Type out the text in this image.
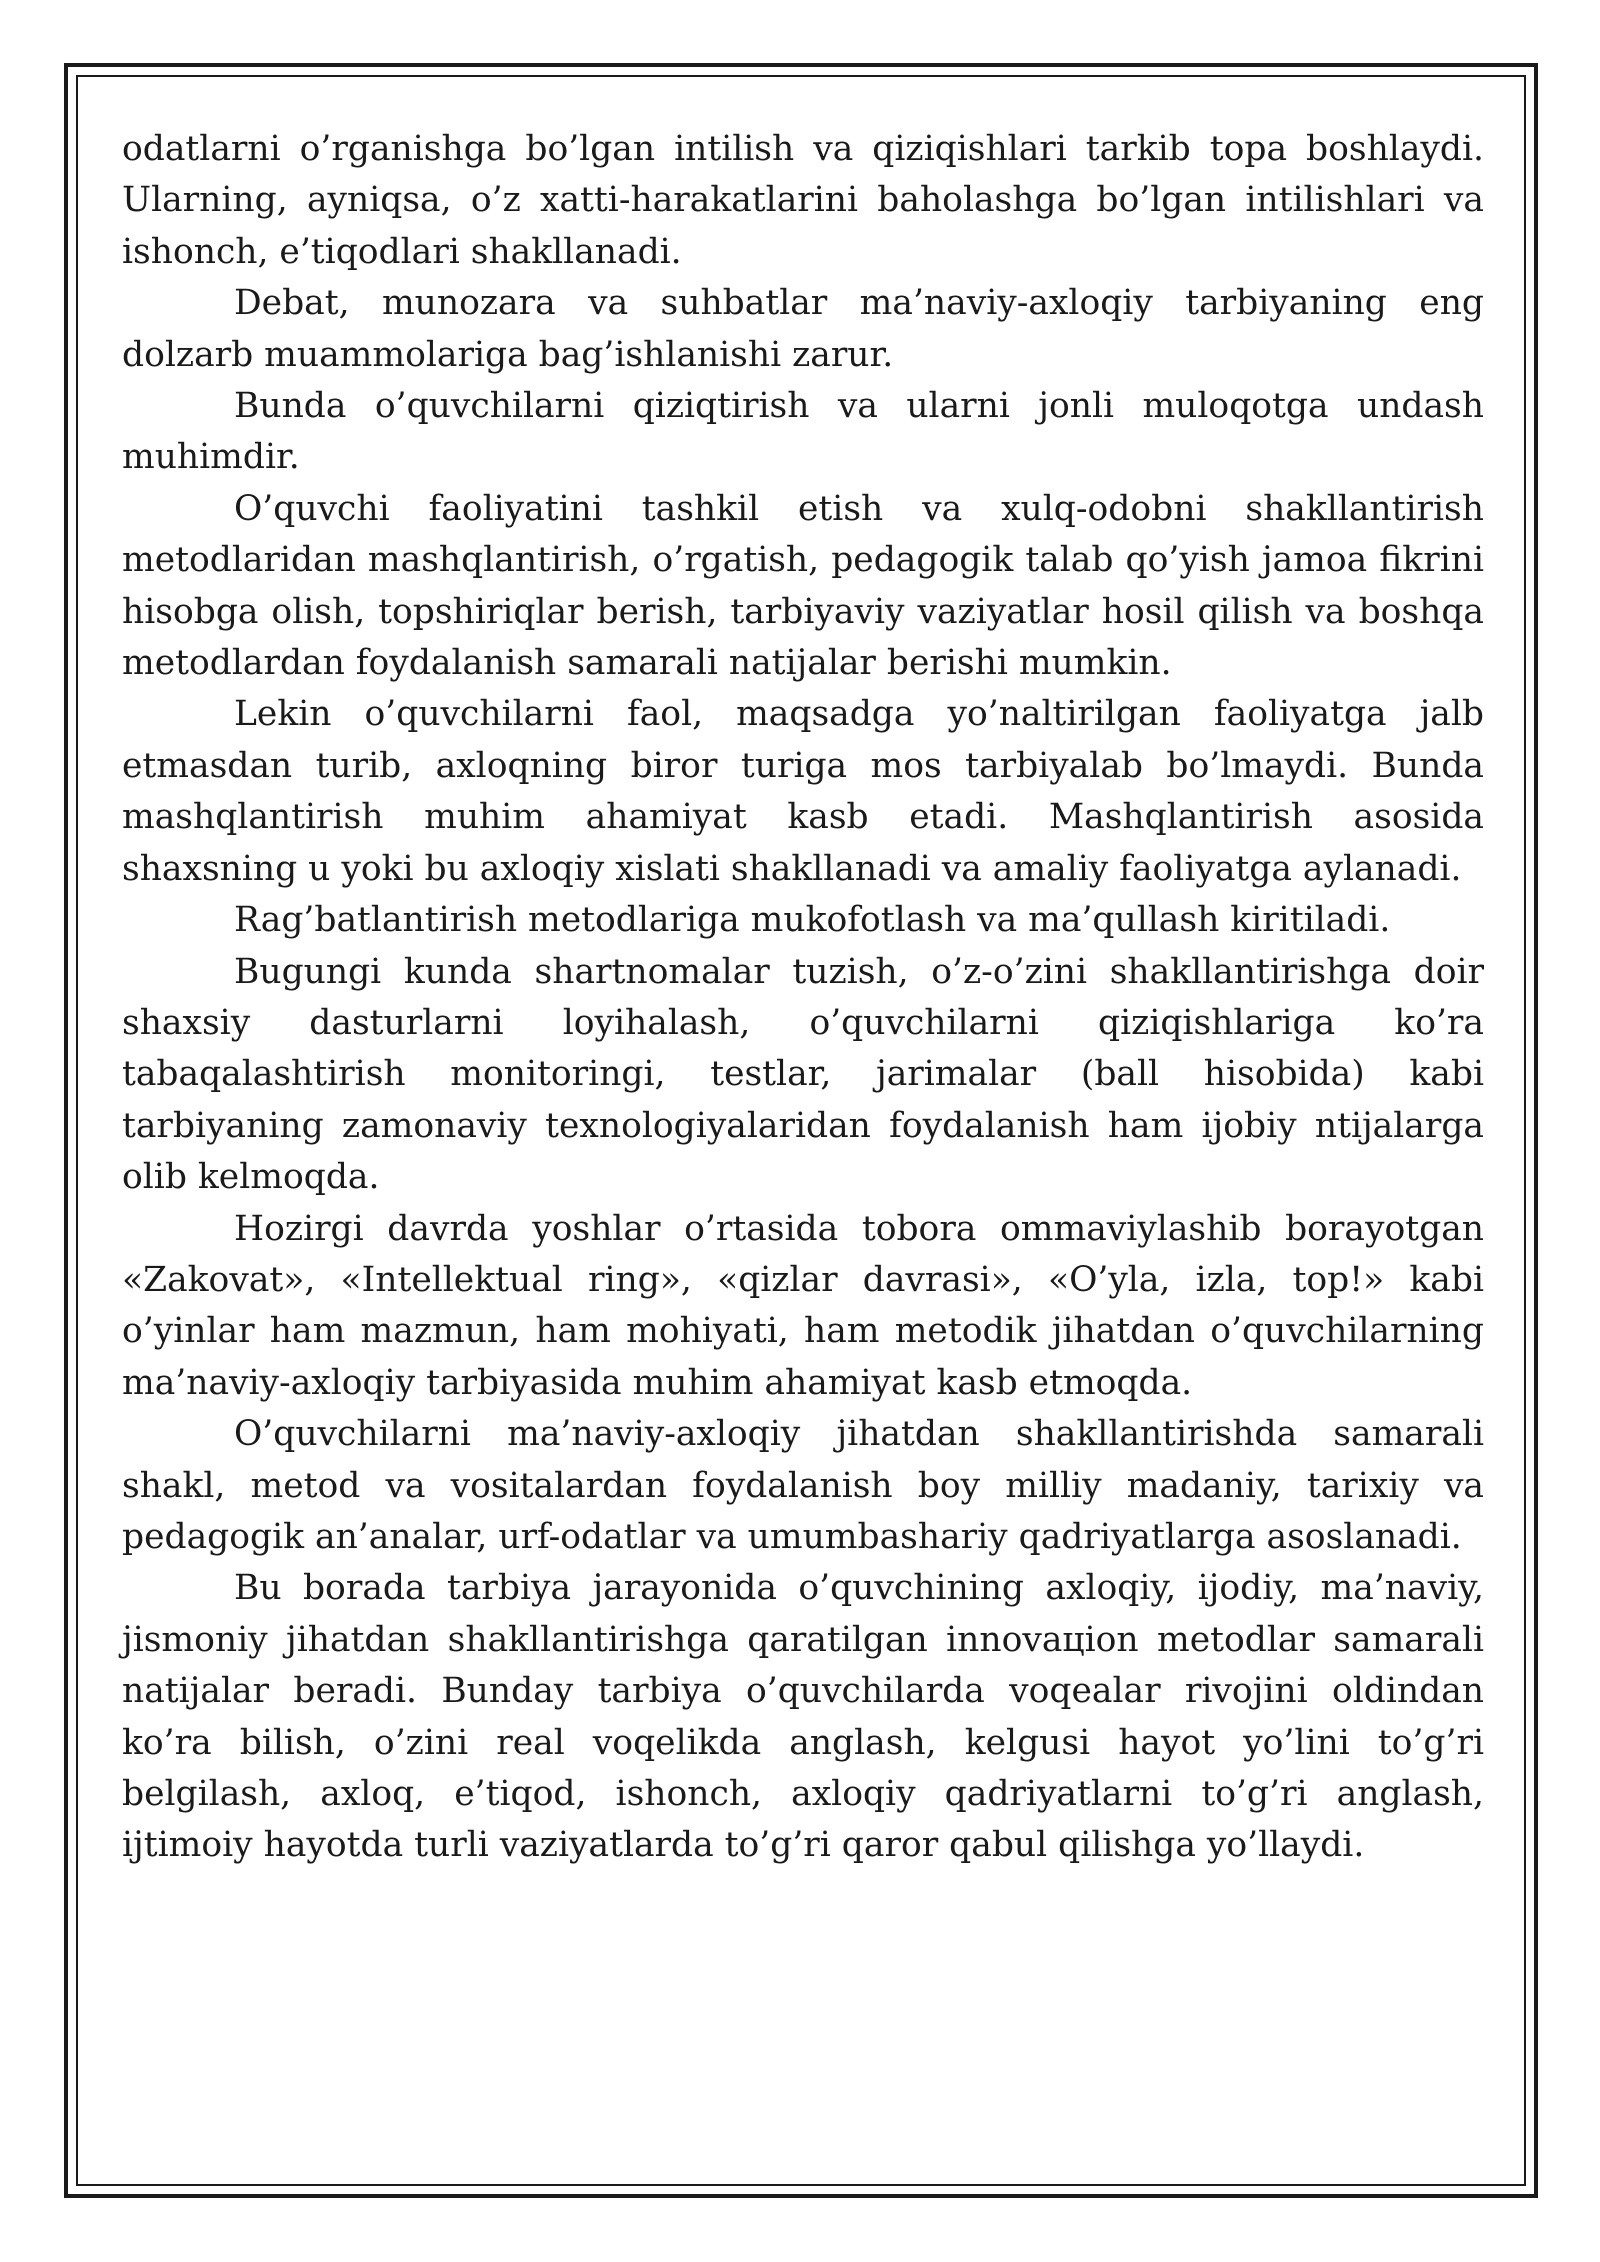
odatlarni o’rganishga bo’lgan intilish va qiziqishlari tarkib topa boshlaydi. Ularning, ayniqsa, o’z xatti-harakatlarini baholashga bo’lgan intilishlari va ishonch, e’tiqodlari shakllanadi.

Debat, munozara va suhbatlar ma’naviy-axloqiy tarbiyaning eng dolzarb muammolariga bag’ishlanishi zarur.

Bunda o’quvchilarni qiziqtirish va ularni jonli muloqotga undash muhimdir.

O’quvchi faoliyatini tashkil etish va xulq-odobni shakllantirish metodlaridan mashqlantirish, o’rgatish, pedagogik talab qo’yish jamoa fikrini hisobga olish, topshiriqlar berish, tarbiyaviy vaziyatlar hosil qilish va boshqa metodlardan foydalanish samarali natijalar berishi mumkin.

Lekin o’quvchilarni faol, maqsadga yo’naltirilgan faoliyatga jalb etmasdan turib, axloqning biror turiga mos tarbiyalab bo’lmaydi. Bunda mashqlantirish muhim ahamiyat kasb etadi. Mashqlantirish asosida shaxsning u yoki bu axloqiy xislati shakllanadi va amaliy faoliyatga aylanadi.

Rag’batlantirish metodlariga mukofotlash va ma’qullash kiritiladi.

Bugungi kunda shartnomalar tuzish, o’z-o’zini shakllantirishga doir shaxsiy dasturlarni loyihalash, o’quvchilarni qiziqishlariga ko’ra tabaqalashtirish monitoringi, testlar, jarimalar (ball hisobida) kabi tarbiyaning zamonaviy texnologiyalaridan foydalanish ham ijobiy ntijalarga olib kelmoqda.

Hozirgi davrda yoshlar o’rtasida tobora ommaviylashib borayotgan «Zakovat», «Intellektual ring», «qizlar davrasi», «O’yla, izla, top!» kabi o’yinlar ham mazmun, ham mohiyati, ham metodik jihatdan o’quvchilarning ma’naviy-axloqiy tarbiyasida muhim ahamiyat kasb etmoqda.

O’quvchilarni ma’naviy-axloqiy jihatdan shakllantirishda samarali shakl, metod va vositalardan foydalanish boy milliy madaniy, tarixiy va pedagogik an’analar, urf-odatlar va umumbashariy qadriyatlarga asoslanadi.

Bu borada tarbiya jarayonida o’quvchining axloqiy, ijodiy, ma’naviy, jismoniy jihatdan shakllantirishga qaratilgan innovaцion metodlar samarali natijalar beradi. Bunday tarbiya o’quvchilarda voqealar rivojini oldindan ko’ra bilish, o’zini real voqelikda anglash, kelgusi hayot yo’lini to’g’ri belgilash, axloq, e’tiqod, ishonch, axloqiy qadriyatlarni to’g’ri anglash, ijtimoiy hayotda turli vaziyatlarda to’g’ri qaror qabul qilishga yo’llaydi.
